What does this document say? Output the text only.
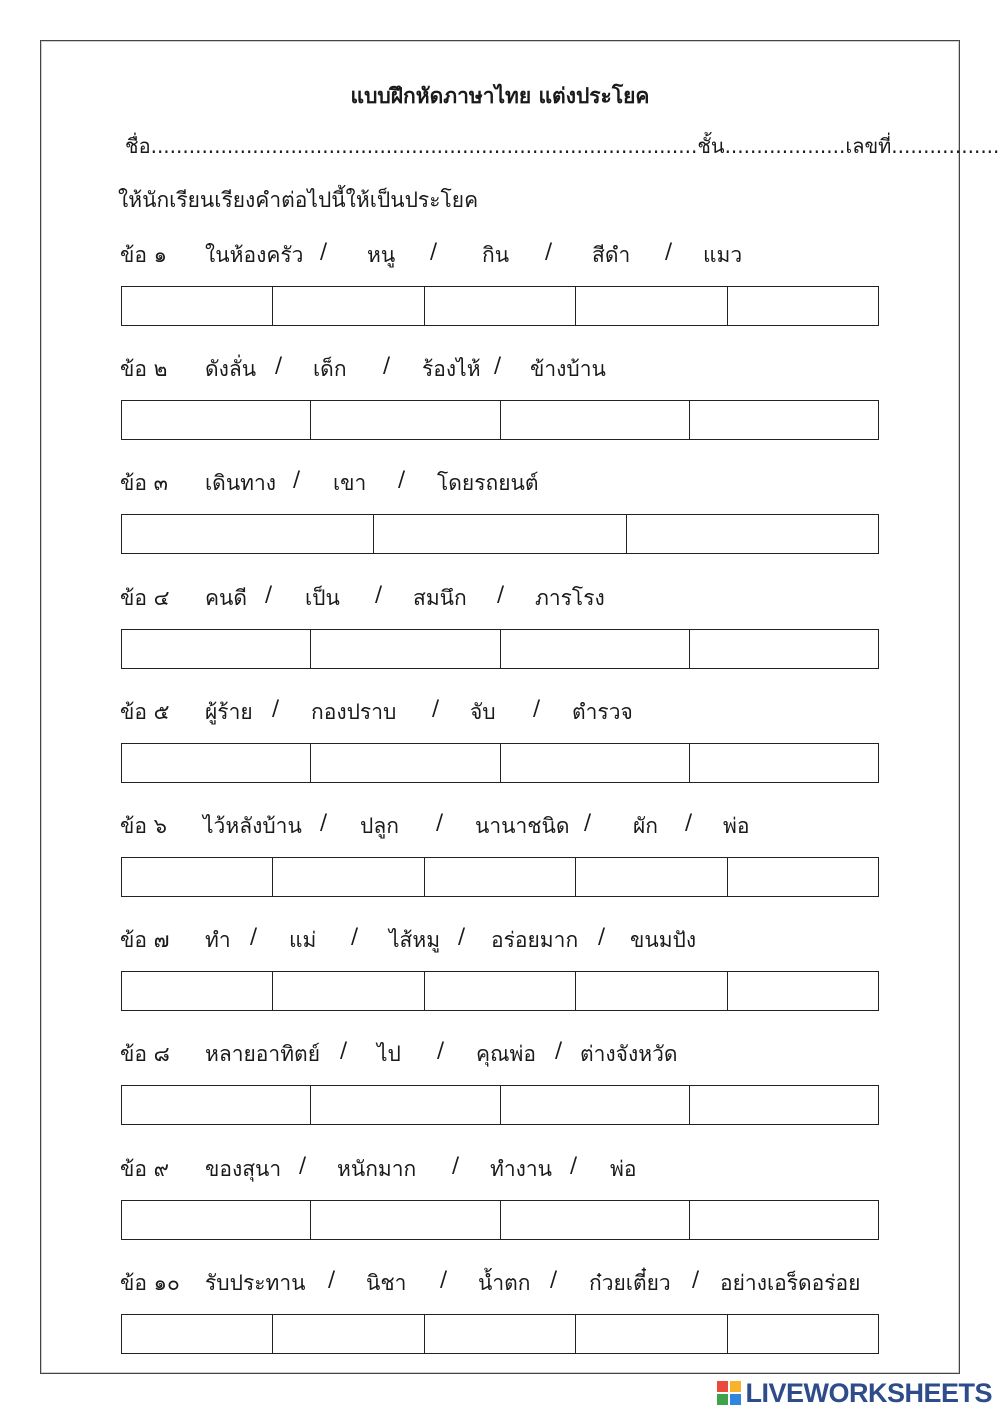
แบบฝึกหัดภาษาไทย แต่งประโยค
ชื่อ......................................................................................ชั้น...................เลขที่.................
ให้นักเรียนเรียงคำต่อไปนี้ให้เป็นประโยค
ข้อ ๑ ในห้องครัว / หนู / กิน / สีดำ / แมว
ข้อ ๒ ดังลั่น / เด็ก / ร้องไห้ / ข้างบ้าน
ข้อ ๓ เดินทาง / เขา / โดยรถยนต์
ข้อ ๔ คนดี / เป็น / สมนึก / ภารโรง
ข้อ ๕ ผู้ร้าย / กองปราบ / จับ / ตำรวจ
ข้อ ๖ ไว้หลังบ้าน / ปลูก / นานาชนิด / ผัก / พ่อ
ข้อ ๗ ทำ / แม่ / ไส้หมู / อร่อยมาก / ขนมปัง
ข้อ ๘ หลายอาทิตย์ / ไป / คุณพ่อ / ต่างจังหวัด
ข้อ ๙ ของสุนา / หนักมาก / ทำงาน / พ่อ
ข้อ ๑๐ รับประทาน / นิชา / น้ำตก / ก๋วยเตี๋ยว / อย่างเอร็ดอร่อย
LIVEWORKSHEETS
